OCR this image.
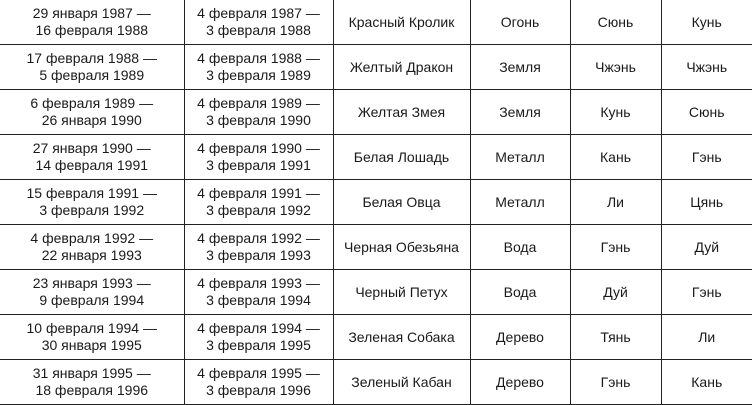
29 января 1987 —
16 февраля 1988	4 февраля 1987 —
3 февраля 1988	Красный Кролик	Огонь	Сюнь	Кунь

17 февраля 1988 —
5 февраля 1989	4 февраля 1988 —
3 февраля 1989	Желтый Дракон	Земля	Чжэнь	Чжэнь

6 февраля 1989 —
26 января 1990	4 февраля 1989 —
3 февраля 1990	Желтая Змея	Земля	Кунь	Сюнь

27 января 1990 —
14 февраля 1991	4 февраля 1990 —
3 февраля 1991	Белая Лошадь	Металл	Кань	Гэнь

15 февраля 1991 —
3 февраля 1992	4 февраля 1991 —
3 февраля 1992	Белая Овца	Металл	Ли	Цянь

4 февраля 1992 —
22 января 1993	4 февраля 1992 —
3 февраля 1993	Черная Обезьяна	Вода	Гэнь	Дуй

23 января 1993 —
9 февраля 1994	4 февраля 1993 —
3 февраля 1994	Черный Петух	Вода	Дуй	Гэнь

10 февраля 1994 —
30 января 1995	4 февраля 1994 —
3 февраля 1995	Зеленая Собака	Дерево	Тянь	Ли

31 января 1995 —
18 февраля 1996	4 февраля 1995 —
3 февраля 1996	Зеленый Кабан	Дерево	Гэнь	Кань
